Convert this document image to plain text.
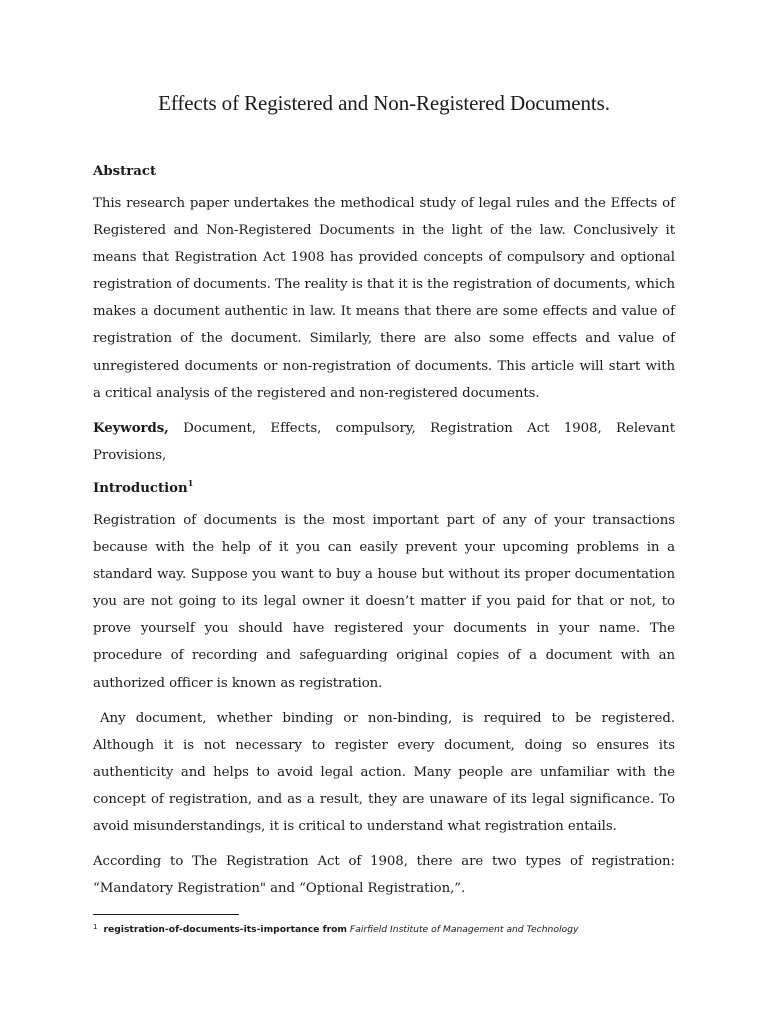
Effects of Registered and Non-Registered Documents.
Abstract

This research paper undertakes the methodical study of legal rules and the Effects of Registered and Non-Registered Documents in the light of the law. Conclusively it means that Registration Act 1908 has provided concepts of compulsory and optional registration of documents. The reality is that it is the registration of documents, which makes a document authentic in law. It means that there are some effects and value of registration of the document. Similarly, there are also some effects and value of unregistered documents or non-registration of documents. This article will start with a critical analysis of the registered and non-registered documents.

Keywords, Document, Effects, compulsory, Registration Act 1908, Relevant Provisions,

Introduction$^1$

Registration of documents is the most important part of any of your transactions because with the help of it you can easily prevent your upcoming problems in a standard way. Suppose you want to buy a house but without its proper documentation you are not going to its legal owner it doesn’t matter if you paid for that or not, to prove yourself you should have registered your documents in your name. The procedure of recording and safeguarding original copies of a document with an authorized officer is known as registration.

Any document, whether binding or non-binding, is required to be registered. Although it is not necessary to register every document, doing so ensures its authenticity and helps to avoid legal action. Many people are unfamiliar with the concept of registration, and as a result, they are unaware of its legal significance. To avoid misunderstandings, it is critical to understand what registration entails.

According to The Registration Act of 1908, there are two types of registration: “Mandatory Registration" and “Optional Registration,”.

$^1$ registration-of-documents-its-importance from Fairfield Institute of Management and Technology
